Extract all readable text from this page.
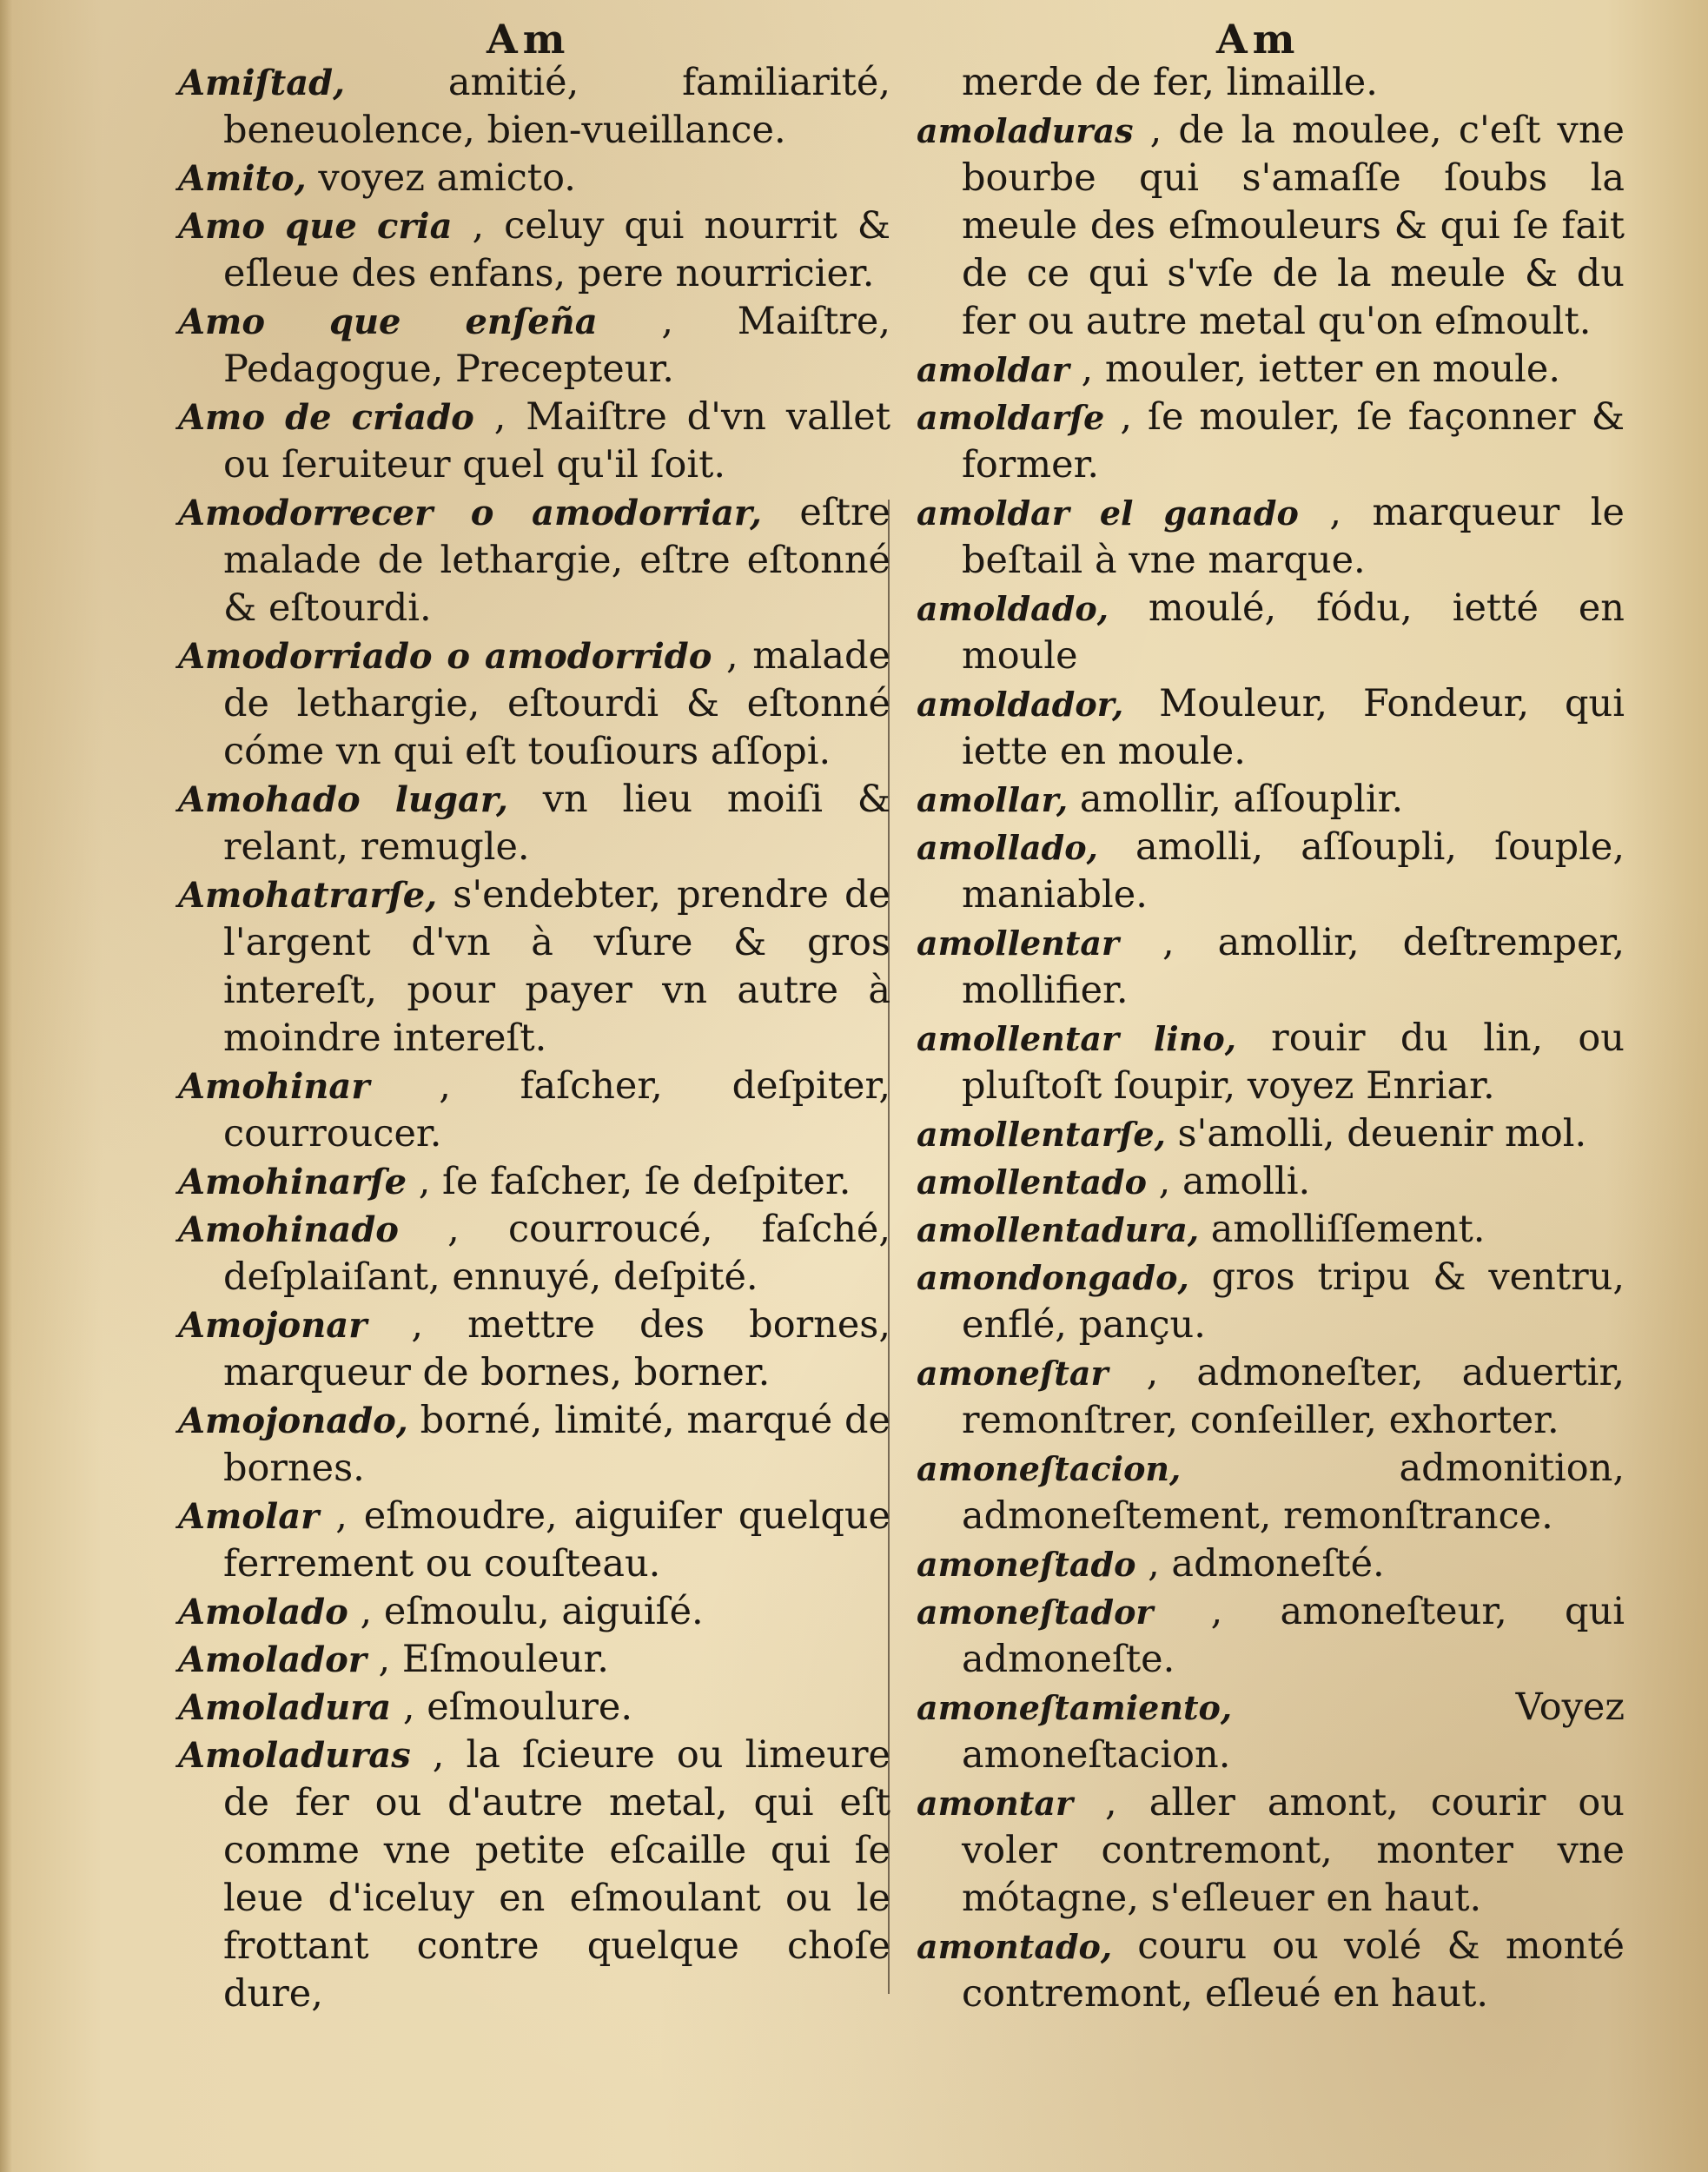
Am	Am

Amiſtad,	amitié, familiarité, beneuolence, bien-vueillance.

Amito, voyez amicto.

Amo que cria , celuy qui nourrit & eſleue des enfans, pere nourricier.

Amo que enſeña , Maiſtre, Pedagogue, Precepteur.

Amo de criado , Maiſtre d'vn vallet ou ſeruiteur quel qu'il ſoit.

Amodorrecer o amodorriar, eſtre malade de lethargie, eſtre eſtonné & eſtourdi.

Amodorriado o amodorrido , malade de lethargie, eſtourdi & eſtonné cóme vn qui eſt touſiours aſſopi.

Amohado lugar, vn lieu moiſi & relant, remugle.

Amohatrarſe, s'endebter, prendre de l'argent d'vn à vſure & gros intereſt, pour payer vn autre à moindre intereſt.

Amohinar , faſcher, deſpiter, courroucer.

Amohinarſe , ſe faſcher, ſe deſpiter.

Amohinado , courroucé, faſché, deſplaiſant, ennuyé, deſpité.

Amojonar , mettre des bornes, marqueur de bornes, borner.

Amojonado, borné, limité, marqué de bornes.

Amolar , eſmoudre, aiguiſer quelque ferrement ou couſteau.

Amolado , eſmoulu, aiguiſé.

Amolador , Eſmouleur.

Amoladura , eſmoulure.

Amoladuras , la ſcieure ou limeure de fer ou d'autre metal, qui eſt comme vne petite eſcaille qui ſe leue d'iceluy en eſmoulant ou le frottant contre quelque choſe dure,

merde de fer, limaille.

amoladuras , de la moulee, c'eſt vne bourbe qui s'amaſſe ſoubs la meule des eſmouleurs & qui ſe fait de ce qui s'vſe de la meule & du fer ou autre metal qu'on eſmoult.

amoldar , mouler, ietter en moule.

amoldarſe , ſe mouler, ſe façonner & former.

amoldar el ganado , marqueur le beſtail à vne marque.

amoldado, moulé, fódu, ietté en moule

amoldador, Mouleur, Fondeur, qui iette en moule.

amollar, amollir, aſſouplir.

amollado, amolli, aſſoupli, ſouple, maniable.

amollentar , amollir, deſtremper, mollifier.

amollentar lino, rouir du lin, ou pluſtoſt ſoupir, voyez Enriar.

amollentarſe, s'amolli, deuenir mol.

amollentado , amolli.

amollentadura, amolliſſement.

amondongado, gros tripu & ventru, enflé, pançu.

amoneſtar , admoneſter, aduertir, remonſtrer, conſeiller, exhorter.

amoneſtacion,	admonition, admoneſtement, remonſtrance.

amoneſtado , admoneſté.

amoneſtador , amoneſteur, qui admoneſte.

amoneſtamiento,	Voyez amoneſtacion.

amontar , aller amont, courir ou voler contremont, monter vne mótagne, s'eſleuer en haut.

amontado, couru ou volé & monté contremont, eſleué en haut.
